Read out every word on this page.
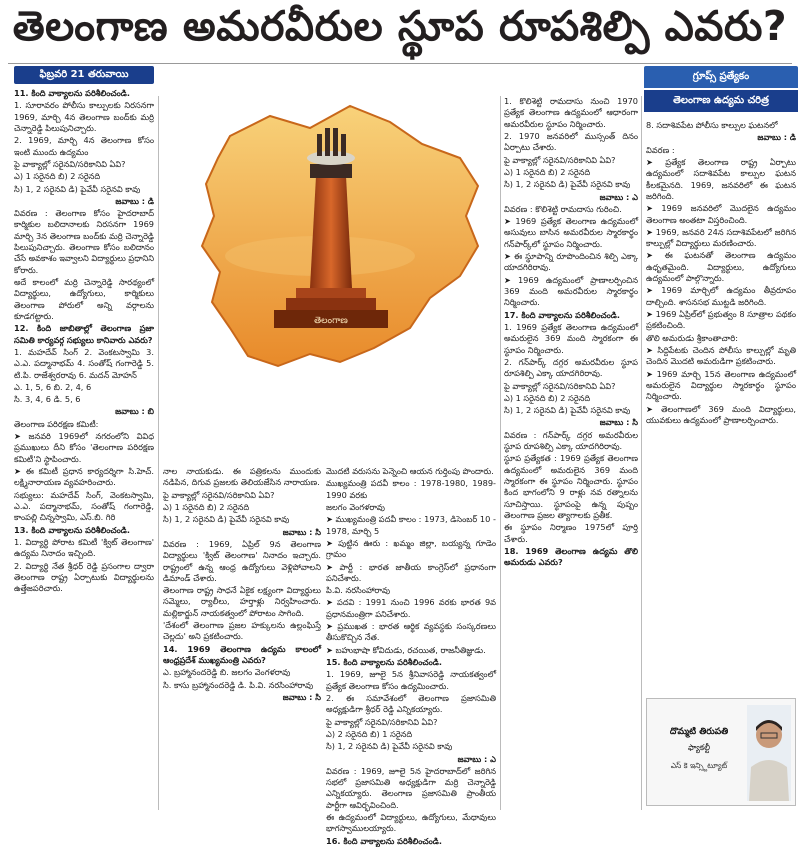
తెలంగాణ అమరవీరుల స్థూప రూపశిల్పి ఎవరు?
ఫిబ్రవరి 21 తరువాయి

11. కింది వాక్యాలను పరిశీలించండి.

1. సూరావరం పోలీసు కాల్పులకు నిరసనగా 1969, మార్చి 4న తెలంగాణ బంద్‌కు మర్రి చెన్నారెడ్డి పిలుపునిచ్చారు.

2. 1969, మార్చి 4న తెలంగాణ కోసం ఇంటి ముందు ఉద్యమం

పై వాక్యాల్లో సరైనవి/సరికానివి ఏవి?

ఎ) 1 సరైనది బి) 2 సరైనది

సి) 1, 2 సరైనవి డి) పైవేవీ సరైనవి కావు

జవాబు : డి

వివరణ : తెలంగాణ కోసం హైదరాబాద్ కార్మికుల బలిదానాలకు నిరసనగా 1969 మార్చి 3న తెలంగాణ బంద్‌కు మర్రి చెన్నారెడ్డి పిలుపునిచ్చారు. తెలంగాణ కోసం బలిదానం చేసే అవకాశం ఇవ్వాలని విద్యార్థులు ప్రధానిని కోరారు.

అదే కాలంలో మర్రి చెన్నారెడ్డి సారథ్యంలో విద్యార్థులు, ఉద్యోగులు, కార్మికులు తెలంగాణ పోరులో అన్ని వర్గాలను కూడగట్టారు.

12. కింది జాబితాల్లో తెలంగాణ ప్రజా సమితి కార్యవర్గ సభ్యులు కానివారు ఎవరు?

1. మహదేవ్ సింగ్ 2. వెంకటస్వామి 3. ఎ.ఎ. పద్మానాభమ్ 4. సంతోష్ గంగారెడ్డి 5. టి.పి. రాజేశ్వరరావు 6. మదన్ మోహన్

ఎ. 1, 5, 6 బి. 2, 4, 6

సి. 3, 4, 6 డి. 5, 6

జవాబు : బి

తెలంగాణ పరిరక్షణ కమిటీ:

➤ జనవరి 1969లో నగరంలోని వివిధ ప్రముఖులు దీని కోసం 'తెలంగాణ పరిరక్షణ కమిటీ'ని స్థాపించారు.

➤ ఈ కమిటీ ప్రధాన కార్యదర్శిగా సి.హెచ్. లక్ష్మినారాయణ వ్యవహరించారు.

సభ్యులు: మహదేవ్ సింగ్, వెంకటస్వామి, ఎ.ఎ. పద్మానాభమ్, సంతోష్ గంగారెడ్డి, కాంపల్లి చిన్నస్వామి, ఎస్.బి. గిరి

13. కింది వాక్యాలను పరిశీలించండి.

1. విద్యార్థి పోరాట కమిటీ 'క్విట్ తెలంగాణ' ఉద్యమ నినాదం ఇచ్చింది.

2. విద్యార్థి నేత శ్రీధర్ రెడ్డి ప్రసంగాల ద్వారా తెలంగాణ రాష్ట్ర ఏర్పాటుకు విద్యార్థులను ఉత్తేజపరిచారు.

తెలంగాణ

నాల నాయకుడు. ఈ పత్రికలను ముందుకు నడిపిన, దిగువ ప్రజలకు తెలియజేసిన నారాయణ.

పై వాక్యాల్లో సరైనవి/సరికానివి ఏవి?

ఎ) 1 సరైనది బి) 2 సరైనది

సి) 1, 2 సరైనవి డి) పైవేవీ సరైనవి కావు

జవాబు : సి

వివరణ : 1969, ఏప్రిల్ 9న తెలంగాణ విద్యార్థులు 'క్విట్ తెలంగాణ' నినాదం ఇచ్చారు. రాష్ట్రంలో ఉన్న ఆంధ్ర ఉద్యోగులు వెళ్లిపోవాలని డిమాండ్ చేశారు.

తెలంగాణ రాష్ట్ర సాధనే ఏకైక లక్ష్యంగా విద్యార్థులు సమ్మెలు, ర్యాలీలు, హర్తాళ్లు నిర్వహించారు. మల్లికార్జున్ నాయకత్వంలో పోరాటం సాగింది.

'దేశంలో తెలంగాణ ప్రజల హక్కులను ఉల్లంఘిస్తే చెల్లదు' అని ప్రకటించారు.

14. 1969 తెలంగాణ ఉద్యమ కాలంలో ఆంధ్రప్రదేశ్ ముఖ్యమంత్రి ఎవరు?

ఎ. బ్రహ్మానందరెడ్డి బి. జలగం వెంగళరావు

సి. కాసు బ్రహ్మానందరెడ్డి డి. పి.వి. నరసింహారావు

జవాబు : సి

మొదటి వరుసను పెన్నెంచి ఆయన గుర్తింపు పొందారు.

ముఖ్యమంత్రి పదవీ కాలం : 1978-1980, 1989-1990 వరకు

జలగం వెంగళరావు

➤ ముఖ్యమంత్రి పదవీ కాలం : 1973, డిసెంబర్ 10 - 1978, మార్చి 5

➤ పుట్టిన ఊరు : ఖమ్మం జిల్లా, బయ్యన్న గూడెం గ్రామం

➤ పార్టీ : భారత జాతీయ కాంగ్రెస్‌లో ప్రధానంగా పనిచేశారు.

పి.వి. నరసింహారావు

➤ పదవి : 1991 నుంచి 1996 వరకు భారత 9వ ప్రధానమంత్రిగా పనిచేశారు.

➤ ప్రముఖత : భారత ఆర్థిక వ్యవస్థకు సంస్కరణలు తీసుకొచ్చిన నేత.

➤ బహుభాషా కోవిదుడు, రచయిత, రాజనీతిజ్ఞుడు.

15. కింది వాక్యాలను పరిశీలించండి.

1. 1969, జూలై 5న శ్రీనివాసరెడ్డి నాయకత్వంలో ప్రత్యేక తెలంగాణ కోసం ఉద్యమించారు.

2. ఈ సమావేశంలో తెలంగాణ ప్రజాసమితి అధ్యక్షుడిగా శ్రీధర్ రెడ్డి ఎన్నికయ్యారు.

పై వాక్యాల్లో సరైనవి/సరికానివి ఏవి?

ఎ) 2 సరైనది బి) 1 సరైనది

సి) 1, 2 సరైనవి డి) పైవేవీ సరైనవి కావు

జవాబు : ఎ

వివరణ : 1969, జూలై 5న హైదరాబాద్‌లో జరిగిన సభలో ప్రజాసమితి అధ్యక్షుడిగా మర్రి చెన్నారెడ్డి ఎన్నికయ్యారు. తెలంగాణ ప్రజాసమితి ప్రాంతీయ పార్టీగా ఆవిర్భవించింది.

ఈ ఉద్యమంలో విద్యార్థులు, ఉద్యోగులు, మేధావులు భాగస్వాములయ్యారు.

16. కింది వాక్యాలను పరిశీలించండి.

1. కొలిశెట్టి రామదాసు నుంచి 1970 ప్రత్యేక తెలంగాణ ఉద్యమంలో ఆధారంగా అమరవీరుల స్థూపం నిర్మించారు.

2. 1970 జనవరిలో ముస్సంత్ దినం ఏర్పాటు చేశారు.

పై వాక్యాల్లో సరైనవి/సరికానివి ఏవి?

ఎ) 1 సరైనది బి) 2 సరైనది

సి) 1, 2 సరైనవి డి) పైవేవీ సరైనవి కావు

జవాబు : ఎ

వివరణ : కొలిశెట్టి రామదాసు గురించి.

➤ 1969 ప్రత్యేక తెలంగాణ ఉద్యమంలో అసువులు బాసిన అమరవీరుల స్మారకార్థం గన్‌పార్క్‌లో స్థూపం నిర్మించారు.

➤ ఈ స్థూపాన్ని రూపొందించిన శిల్పి ఎక్కా యాదగిరిరావు.

➤ 1969 ఉద్యమంలో ప్రాణాలర్పించిన 369 మంది అమరవీరుల స్మారకార్థం నిర్మించారు.

17. కింది వాక్యాలను పరిశీలించండి.

1. 1969 ప్రత్యేక తెలంగాణ ఉద్యమంలో అమరులైన 369 మంది స్మారకంగా ఈ స్థూపం నిర్మించారు.

2. గన్‌పార్క్ దగ్గర అమరవీరుల స్థూప రూపశిల్పి ఎక్కా యాదగిరిరావు.

పై వాక్యాల్లో సరైనవి/సరికానివి ఏవి?

ఎ) 1 సరైనది బి) 2 సరైనది

సి) 1, 2 సరైనవి డి) పైవేవీ సరైనవి కావు

జవాబు : సి

వివరణ : గన్‌పార్క్ దగ్గర అమరవీరుల స్థూప రూపశిల్పి ఎక్కా యాదగిరిరావు.

స్థూప ప్రత్యేకత : 1969 ప్రత్యేక తెలంగాణ ఉద్యమంలో అమరులైన 369 మంది స్మారకంగా ఈ స్థూపం నిర్మించారు. స్థూపం కింద భాగంలోని 9 రాళ్లు నవ రత్నాలను సూచిస్తాయి. స్థూపంపై ఉన్న పుష్పం తెలంగాణ ప్రజల త్యాగాలకు ప్రతీక.

ఈ స్థూపం నిర్మాణం 1975లో పూర్తి చేశారు.

18. 1969 తెలంగాణ ఉద్యమ తొలి అమరుడు ఎవరు?

గ్రూప్స్ ప్రత్యేకం
తెలంగాణ ఉద్యమ చరిత్ర

8. సదాశివపేట పోలీసు కాల్పుల ఘటనలో

జవాబు : డి

వివరణ :

➤ ప్రత్యేక తెలంగాణ రాష్ట్ర ఏర్పాటు ఉద్యమంలో సదాశివపేట కాల్పుల ఘటన కీలకమైనది. 1969, జనవరిలో ఈ ఘటన జరిగింది.

➤ 1969 జనవరిలో మొదలైన ఉద్యమం తెలంగాణ అంతటా విస్తరించింది.

➤ 1969, జనవరి 24న సదాశివపేటలో జరిగిన కాల్పుల్లో విద్యార్థులు మరణించారు.

➤ ఈ ఘటనతో తెలంగాణ ఉద్యమం ఉధృతమైంది. విద్యార్థులు, ఉద్యోగులు ఉద్యమంలో పాల్గొన్నారు.

➤ 1969 మార్చిలో ఉద్యమం తీవ్రరూపం దాల్చింది. శాసనసభ ముట్టడి జరిగింది.

➤ 1969 ఏప్రిల్‌లో ప్రభుత్వం 8 సూత్రాల పథకం ప్రకటించింది.

తొలి అమరుడు శ్రీకాంతాచారి:

➤ సిద్దిపేటకు చెందిన పోలీసు కాల్పుల్లో మృతి చెందిన మొదటి అమరుడిగా ప్రకటించారు.

➤ 1969 మార్చి 15న తెలంగాణ ఉద్యమంలో అమరులైన విద్యార్థుల స్మారకార్థం స్థూపం నిర్మించారు.

➤ తెలంగాణలో 369 మంది విద్యార్థులు, యువకులు ఉద్యమంలో ప్రాణాలర్పించారు.

దొమ్మటి తిరుపతి
ఫ్యాకల్టీ
ఎస్ కె ఇన్స్టిట్యూట్
